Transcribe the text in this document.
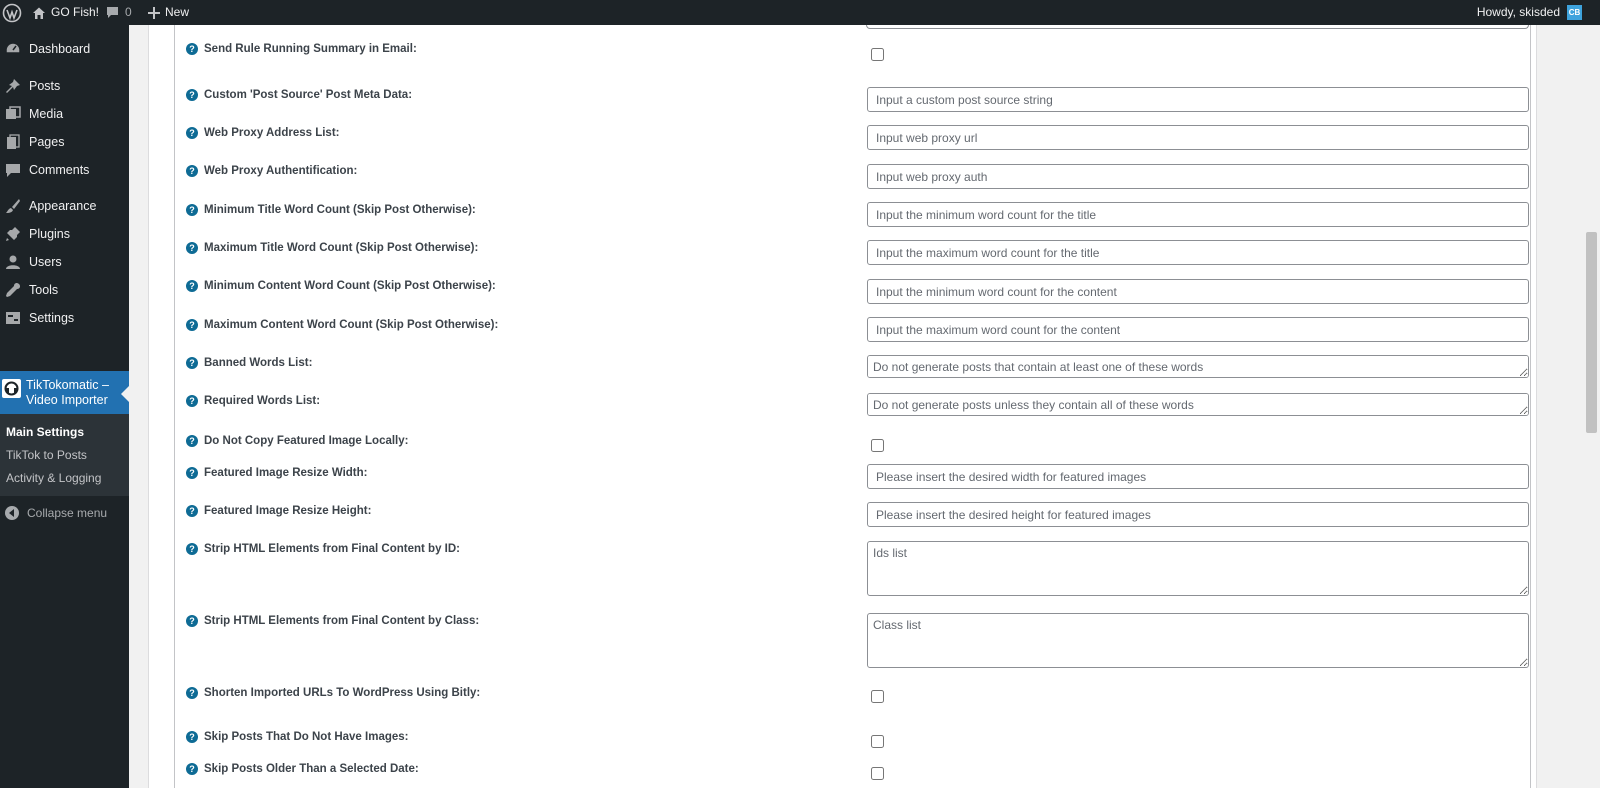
GO Fish! 0	New	Howdy, skisded CB
Dashboard
Posts
Media
Pages
Comments
Appearance
Plugins
Users
Tools
Settings
TikTokomatic –
Video Importer
Main Settings
TikTok to Posts
Activity & Logging
Collapse menu
? Send Rule Running Summary in Email:
? Custom 'Post Source' Post Meta Data:
Input a custom post source string
? Web Proxy Address List:
Input web proxy url
? Web Proxy Authentification:
Input web proxy auth
? Minimum Title Word Count (Skip Post Otherwise):
Input the minimum word count for the title
? Maximum Title Word Count (Skip Post Otherwise):
Input the maximum word count for the title
? Minimum Content Word Count (Skip Post Otherwise):
Input the minimum word count for the content
? Maximum Content Word Count (Skip Post Otherwise):
Input the maximum word count for the content
? Banned Words List:
Do not generate posts that contain at least one of these words
? Required Words List:
Do not generate posts unless they contain all of these words
? Do Not Copy Featured Image Locally:
? Featured Image Resize Width:
Please insert the desired width for featured images
? Featured Image Resize Height:
Please insert the desired height for featured images
? Strip HTML Elements from Final Content by ID:
Ids list
? Strip HTML Elements from Final Content by Class:
Class list
? Shorten Imported URLs To WordPress Using Bitly:
? Skip Posts That Do Not Have Images:
? Skip Posts Older Than a Selected Date:
